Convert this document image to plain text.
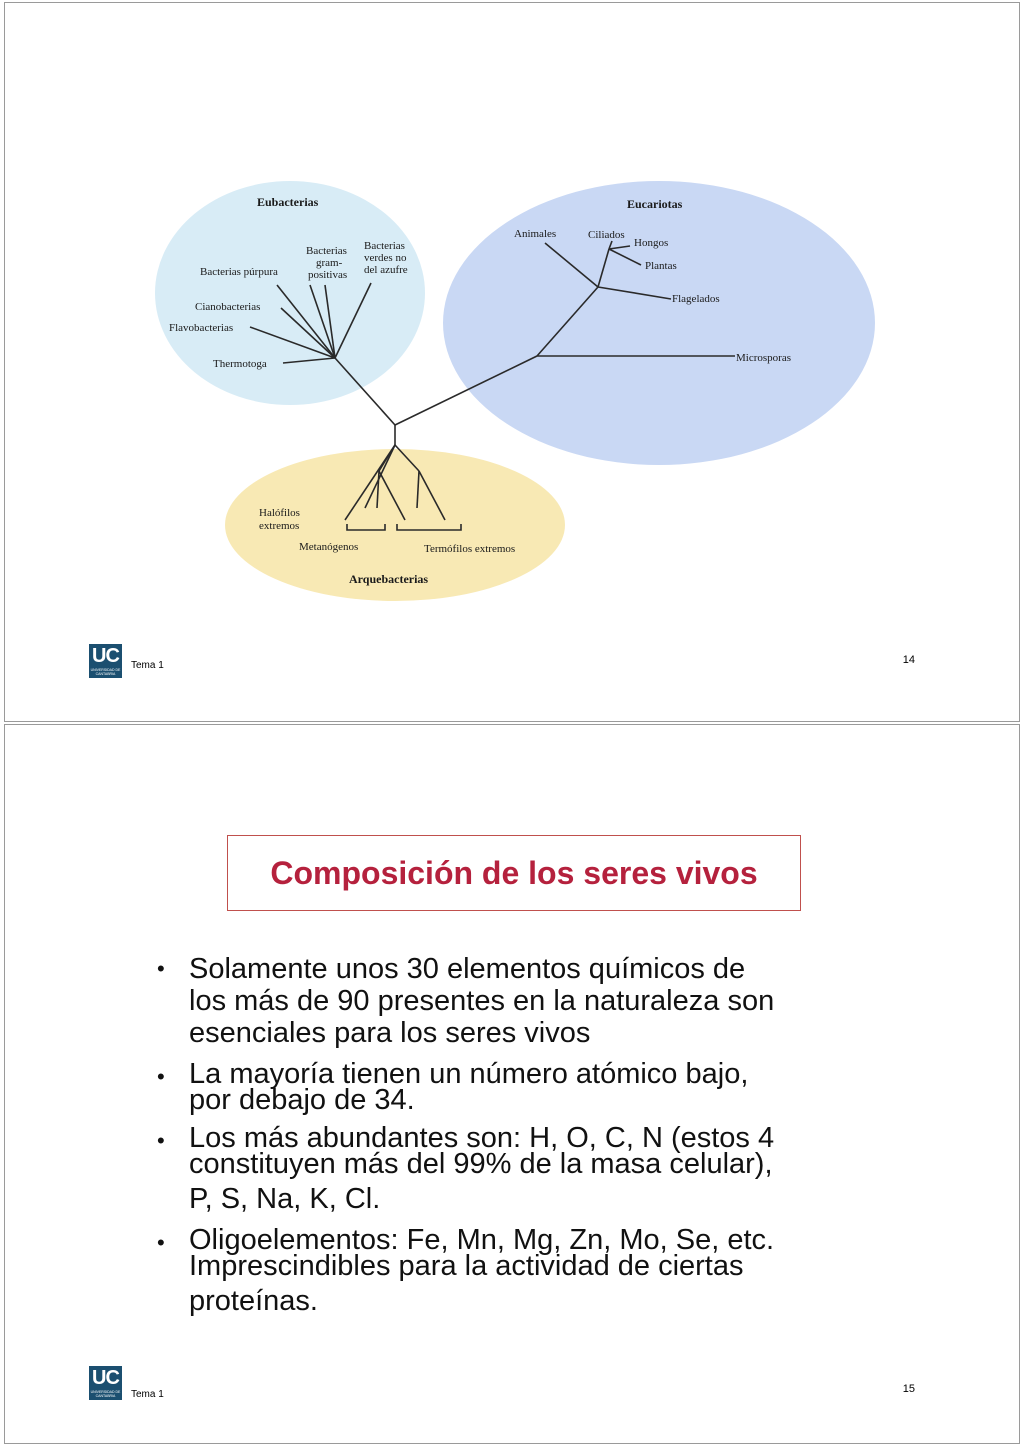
Eubacterias
Bacterias púrpura
Bacterias
gram-
positivas
Bacterias
verdes no
del azufre
Cianobacterias
Flavobacterias
Thermotoga
Eucariotas
Animales	Ciliados
Hongos
Plantas
Flagelados
Microsporas
Halófilos
extremos
Metanógenos	Termófilos extremos
Arquebacterias
UC
UNIVERSIDAD DE CANTABRIA
Tema 1	14
Composición de los seres vivos
• Solamente unos 30 elementos químicos de

los más de 90 presentes en la naturaleza son

esenciales para los seres vivos

• La mayoría tienen un número atómico bajo,

por debajo de 34.

• Los más abundantes son: H, O, C, N (estos 4

constituyen más del 99% de la masa celular),

P, S, Na, K, Cl.

• Oligoelementos: Fe, Mn, Mg, Zn, Mo, Se, etc.

Imprescindibles para la actividad de ciertas

proteínas.

UC
UNIVERSIDAD DE CANTABRIA	Tema 1	15
